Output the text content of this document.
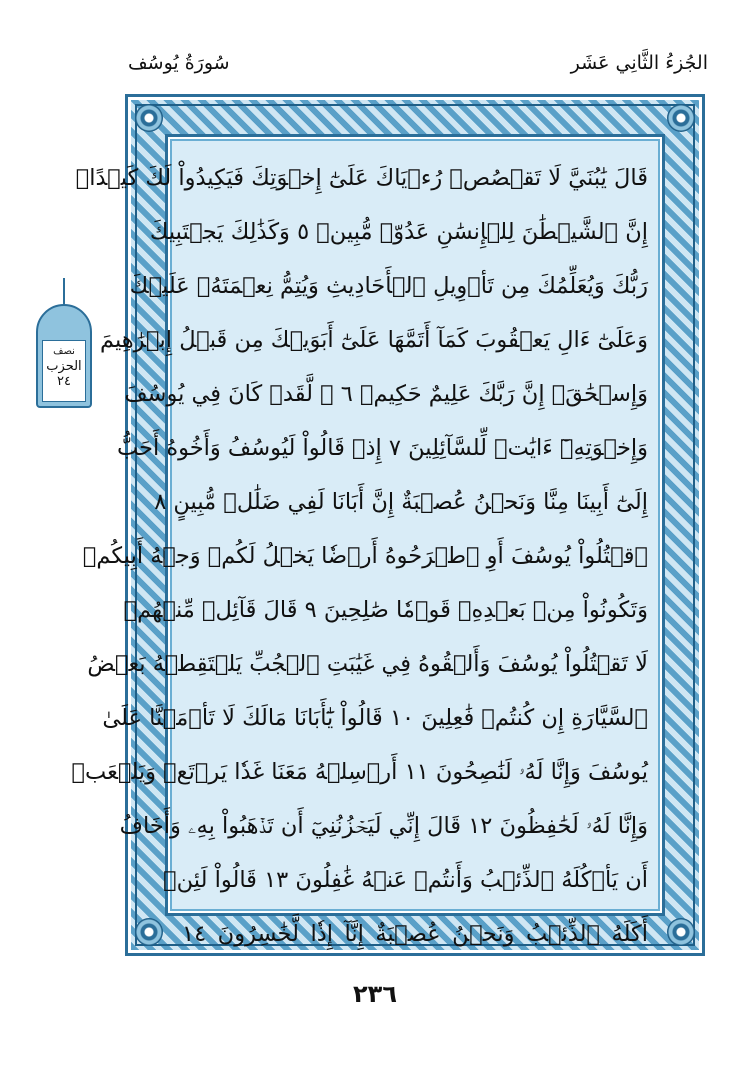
الجُزءُ الثَّانِي عَشَر
سُورَةُ يُوسُف
نصف
الحزب
٢٤
قَالَ يَٰبُنَيَّ لَا تَقۡصُصۡ رُءۡيَاكَ عَلَىٰٓ إِخۡوَتِكَ فَيَكِيدُواْ لَكَ كَيۡدًاۖ
إِنَّ ٱلشَّيۡطَٰنَ لِلۡإِنسَٰنِ عَدُوّٞ مُّبِينٞ ٥ وَكَذَٰلِكَ يَجۡتَبِيكَ
رَبُّكَ وَيُعَلِّمُكَ مِن تَأۡوِيلِ ٱلۡأَحَادِيثِ وَيُتِمُّ نِعۡمَتَهُۥ عَلَيۡكَ
وَعَلَىٰٓ ءَالِ يَعۡقُوبَ كَمَآ أَتَمَّهَا عَلَىٰٓ أَبَوَيۡكَ مِن قَبۡلُ إِبۡرَٰهِيمَ
وَإِسۡحَٰقَۚ إِنَّ رَبَّكَ عَلِيمٌ حَكِيمٞ ٦ ۞ لَّقَدۡ كَانَ فِي يُوسُفَ
وَإِخۡوَتِهِۦٓ ءَايَٰتٞ لِّلسَّآئِلِينَ ٧ إِذۡ قَالُواْ لَيُوسُفُ وَأَخُوهُ أَحَبُّ
إِلَىٰٓ أَبِينَا مِنَّا وَنَحۡنُ عُصۡبَةٌ إِنَّ أَبَانَا لَفِي ضَلَٰلٖ مُّبِينٍ ٨
ٱقۡتُلُواْ يُوسُفَ أَوِ ٱطۡرَحُوهُ أَرۡضٗا يَخۡلُ لَكُمۡ وَجۡهُ أَبِيكُمۡ
وَتَكُونُواْ مِنۢ بَعۡدِهِۦ قَوۡمٗا صَٰلِحِينَ ٩ قَالَ قَآئِلٞ مِّنۡهُمۡ
لَا تَقۡتُلُواْ يُوسُفَ وَأَلۡقُوهُ فِي غَيَٰبَتِ ٱلۡجُبِّ يَلۡتَقِطۡهُ بَعۡضُ
ٱلسَّيَّارَةِ إِن كُنتُمۡ فَٰعِلِينَ ١٠ قَالُواْ يَٰٓأَبَانَا مَالَكَ لَا تَأۡمَ۬نَّا عَلَىٰ
يُوسُفَ وَإِنَّا لَهُۥ لَنَٰصِحُونَ ١١ أَرۡسِلۡهُ مَعَنَا غَدٗا يَرۡتَعۡ وَيَلۡعَبۡ
وَإِنَّا لَهُۥ لَحَٰفِظُونَ ١٢ قَالَ إِنِّي لَيَحۡزُنُنِيٓ أَن تَذۡهَبُواْ بِهِۦ وَأَخَافُ
أَن يَأۡكُلَهُ ٱلذِّئۡبُ وَأَنتُمۡ عَنۡهُ غَٰفِلُونَ ١٣ قَالُواْ لَئِنۡ
أَكَلَهُ ٱلذِّئۡبُ وَنَحۡنُ عُصۡبَةٌ إِنَّآ إِذٗا لَّخَٰسِرُونَ ١٤
٢٣٦
